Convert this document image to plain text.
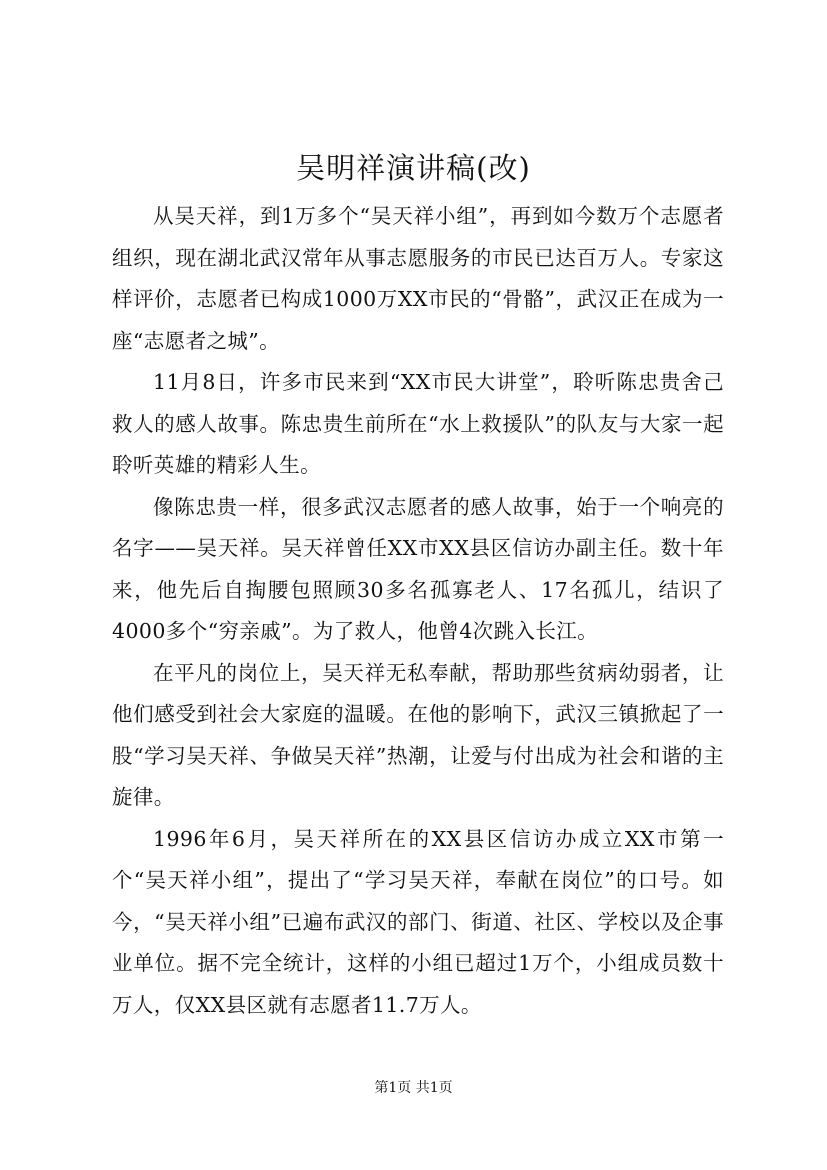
吴明祥演讲稿(改)

从吴天祥，到1万多个“吴天祥小组”，再到如今数万个志愿者组织，现在湖北武汉常年从事志愿服务的市民已达百万人。专家这样评价，志愿者已构成1000万XX市民的“骨骼”，武汉正在成为一座“志愿者之城”。

11月8日，许多市民来到“XX市民大讲堂”，聆听陈忠贵舍己救人的感人故事。陈忠贵生前所在“水上救援队”的队友与大家一起聆听英雄的精彩人生。

像陈忠贵一样，很多武汉志愿者的感人故事，始于一个响亮的名字——吴天祥。吴天祥曾任XX市XX县区信访办副主任。数十年来，他先后自掏腰包照顾30多名孤寡老人、17名孤儿，结识了4000多个“穷亲戚”。为了救人，他曾4次跳入长江。

在平凡的岗位上，吴天祥无私奉献，帮助那些贫病幼弱者，让他们感受到社会大家庭的温暖。在他的影响下，武汉三镇掀起了一股“学习吴天祥、争做吴天祥”热潮，让爱与付出成为社会和谐的主旋律。

1996年6月，吴天祥所在的XX县区信访办成立XX市第一个“吴天祥小组”，提出了“学习吴天祥，奉献在岗位”的口号。如今，“吴天祥小组”已遍布武汉的部门、街道、社区、学校以及企事业单位。据不完全统计，这样的小组已超过1万个，小组成员数十万人，仅XX县区就有志愿者11.7万人。

第1页 共1页
